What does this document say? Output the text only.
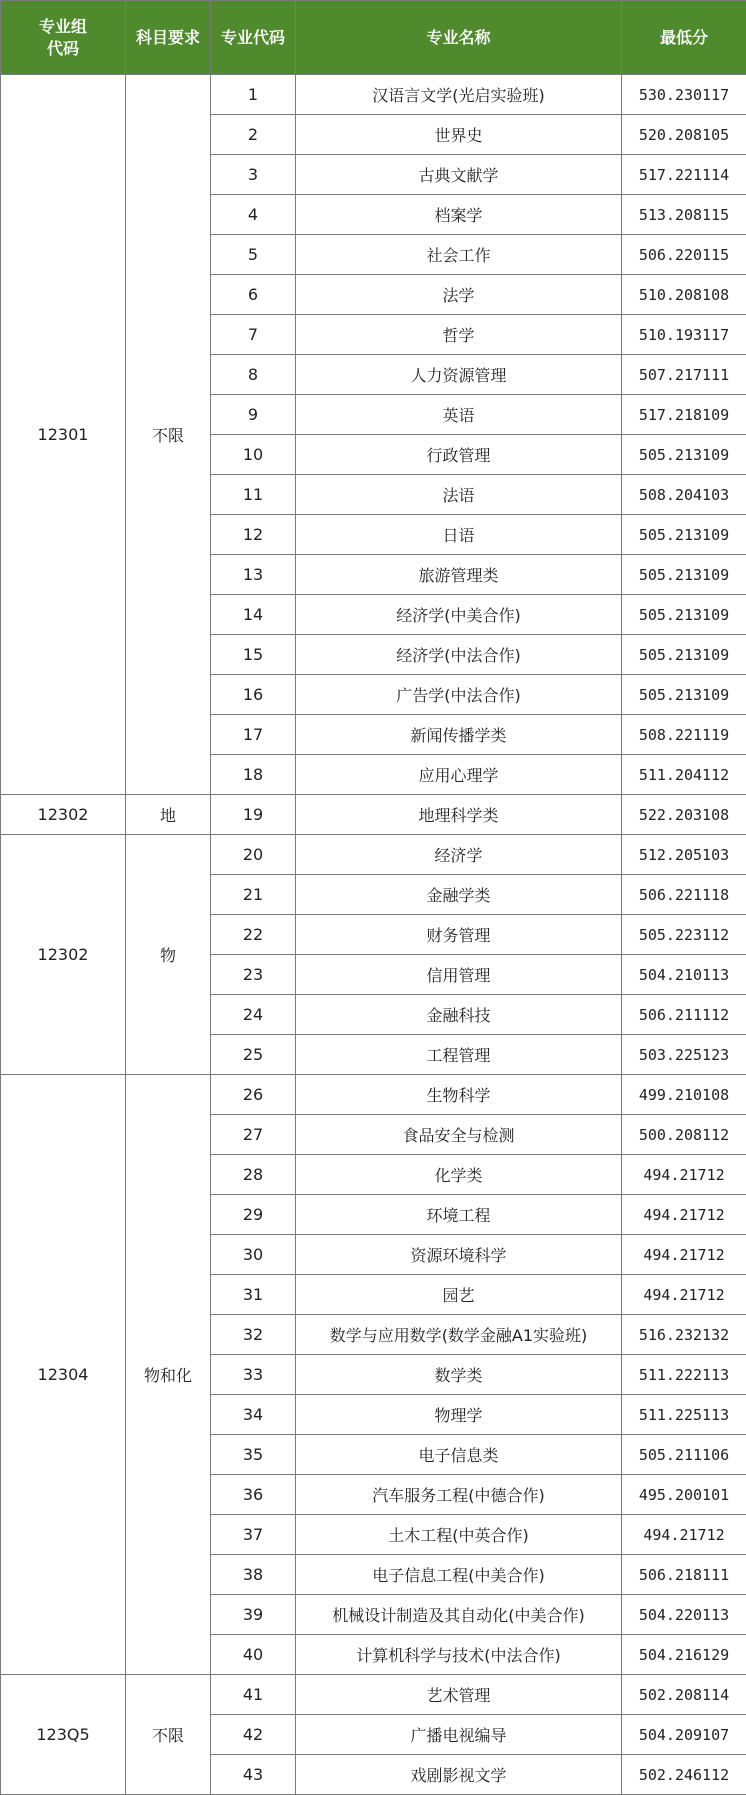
专业组代码	科目要求	专业代码	专业名称	最低分
12301	不限	1	汉语言文学(光启实验班)	530.230117
		2	世界史	520.208105
		3	古典文献学	517.221114
		4	档案学	513.208115
		5	社会工作	506.220115
		6	法学	510.208108
		7	哲学	510.193117
		8	人力资源管理	507.217111
		9	英语	517.218109
		10	行政管理	505.213109
		11	法语	508.204103
		12	日语	505.213109
		13	旅游管理类	505.213109
		14	经济学(中美合作)	505.213109
		15	经济学(中法合作)	505.213109
		16	广告学(中法合作)	505.213109
		17	新闻传播学类	508.221119
		18	应用心理学	511.204112
12302	地	19	地理科学类	522.203108
12302	物	20	经济学	512.205103
		21	金融学类	506.221118
		22	财务管理	505.223112
		23	信用管理	504.210113
		24	金融科技	506.211112
		25	工程管理	503.225123
12304	物和化	26	生物科学	499.210108
		27	食品安全与检测	500.208112
		28	化学类	494.21712
		29	环境工程	494.21712
		30	资源环境科学	494.21712
		31	园艺	494.21712
		32	数学与应用数学(数学金融A1实验班)	516.232132
		33	数学类	511.222113
		34	物理学	511.225113
		35	电子信息类	505.211106
		36	汽车服务工程(中德合作)	495.200101
		37	土木工程(中英合作)	494.21712
		38	电子信息工程(中美合作)	506.218111
		39	机械设计制造及其自动化(中美合作)	504.220113
		40	计算机科学与技术(中法合作)	504.216129
123Q5	不限	41	艺术管理	502.208114
		42	广播电视编导	504.209107
		43	戏剧影视文学	502.246112
